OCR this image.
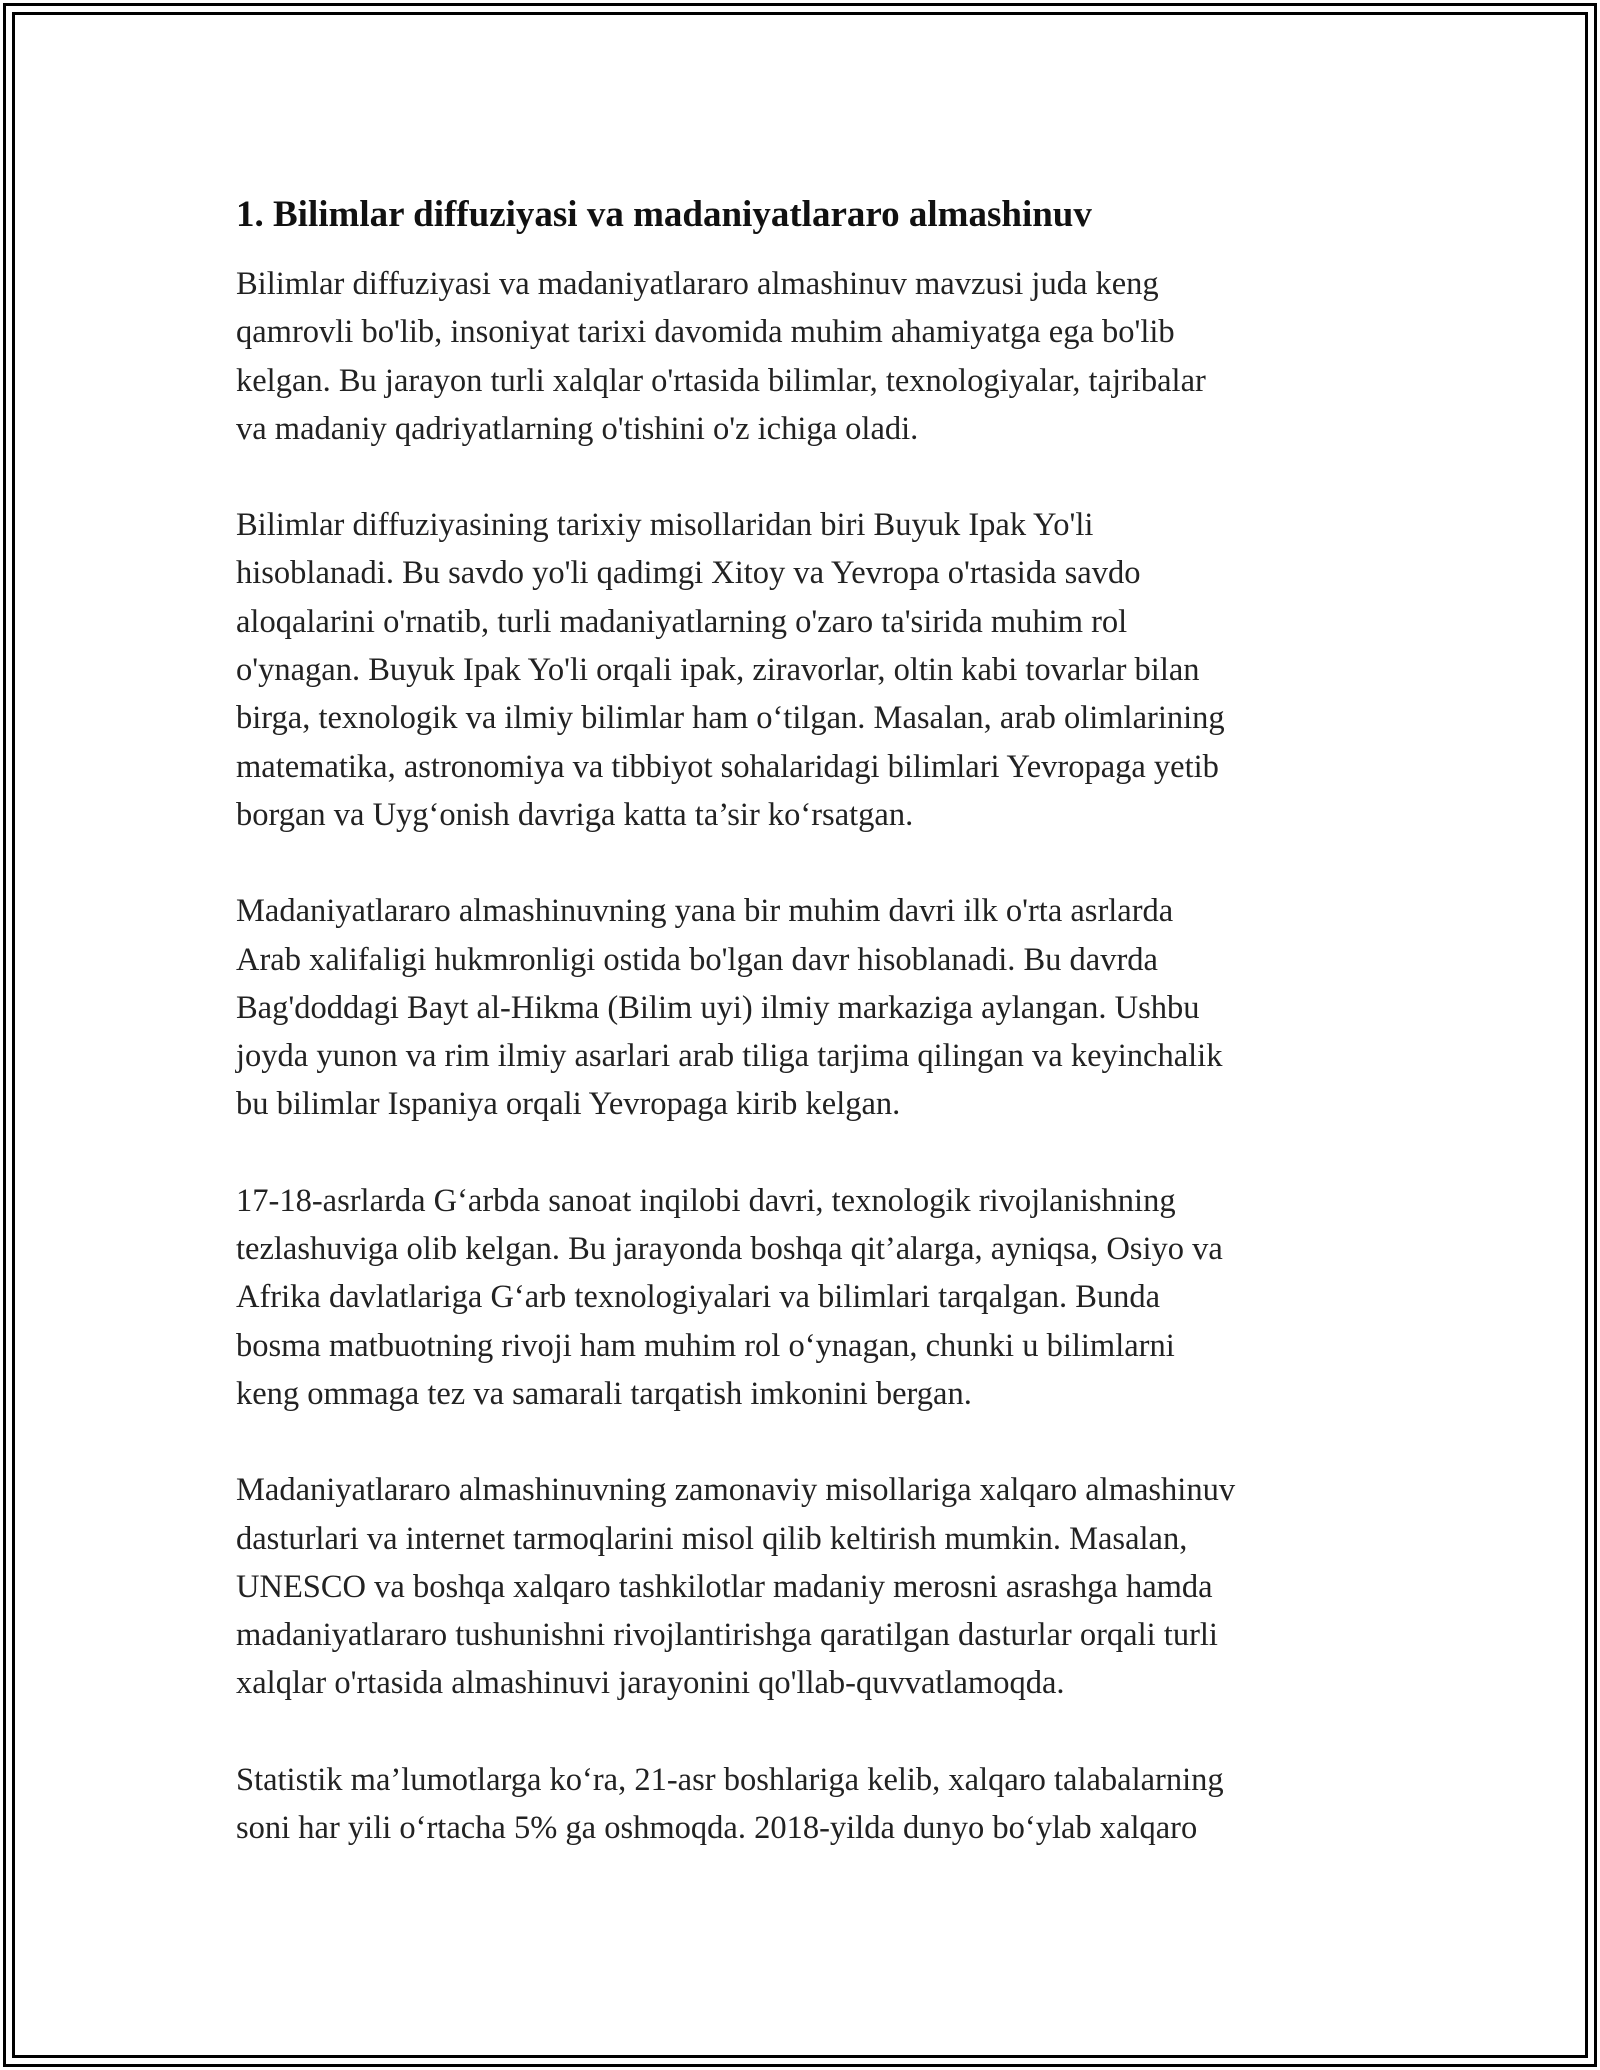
1. Bilimlar diffuziyasi va madaniyatlararo almashinuv
Bilimlar diffuziyasi va madaniyatlararo almashinuv mavzusi juda keng
qamrovli bo'lib, insoniyat tarixi davomida muhim ahamiyatga ega bo'lib
kelgan. Bu jarayon turli xalqlar o'rtasida bilimlar, texnologiyalar, tajribalar
va madaniy qadriyatlarning o'tishini o'z ichiga oladi.
Bilimlar diffuziyasining tarixiy misollaridan biri Buyuk Ipak Yo'li
hisoblanadi. Bu savdo yo'li qadimgi Xitoy va Yevropa o'rtasida savdo
aloqalarini o'rnatib, turli madaniyatlarning o'zaro ta'sirida muhim rol
o'ynagan. Buyuk Ipak Yo'li orqali ipak, ziravorlar, oltin kabi tovarlar bilan
birga, texnologik va ilmiy bilimlar ham o‘tilgan. Masalan, arab olimlarining
matematika, astronomiya va tibbiyot sohalaridagi bilimlari Yevropaga yetib
borgan va Uyg‘onish davriga katta ta’sir ko‘rsatgan.
Madaniyatlararo almashinuvning yana bir muhim davri ilk o'rta asrlarda
Arab xalifaligi hukmronligi ostida bo'lgan davr hisoblanadi. Bu davrda
Bag'doddagi Bayt al-Hikma (Bilim uyi) ilmiy markaziga aylangan. Ushbu
joyda yunon va rim ilmiy asarlari arab tiliga tarjima qilingan va keyinchalik
bu bilimlar Ispaniya orqali Yevropaga kirib kelgan.
17-18-asrlarda G‘arbda sanoat inqilobi davri, texnologik rivojlanishning
tezlashuviga olib kelgan. Bu jarayonda boshqa qit’alarga, ayniqsa, Osiyo va
Afrika davlatlariga G‘arb texnologiyalari va bilimlari tarqalgan. Bunda
bosma matbuotning rivoji ham muhim rol o‘ynagan, chunki u bilimlarni
keng ommaga tez va samarali tarqatish imkonini bergan.
Madaniyatlararo almashinuvning zamonaviy misollariga xalqaro almashinuv
dasturlari va internet tarmoqlarini misol qilib keltirish mumkin. Masalan,
UNESCO va boshqa xalqaro tashkilotlar madaniy merosni asrashga hamda
madaniyatlararo tushunishni rivojlantirishga qaratilgan dasturlar orqali turli
xalqlar o'rtasida almashinuvi jarayonini qo'llab-quvvatlamoqda.
Statistik ma’lumotlarga ko‘ra, 21-asr boshlariga kelib, xalqaro talabalarning
soni har yili o‘rtacha 5% ga oshmoqda. 2018-yilda dunyo bo‘ylab xalqaro
